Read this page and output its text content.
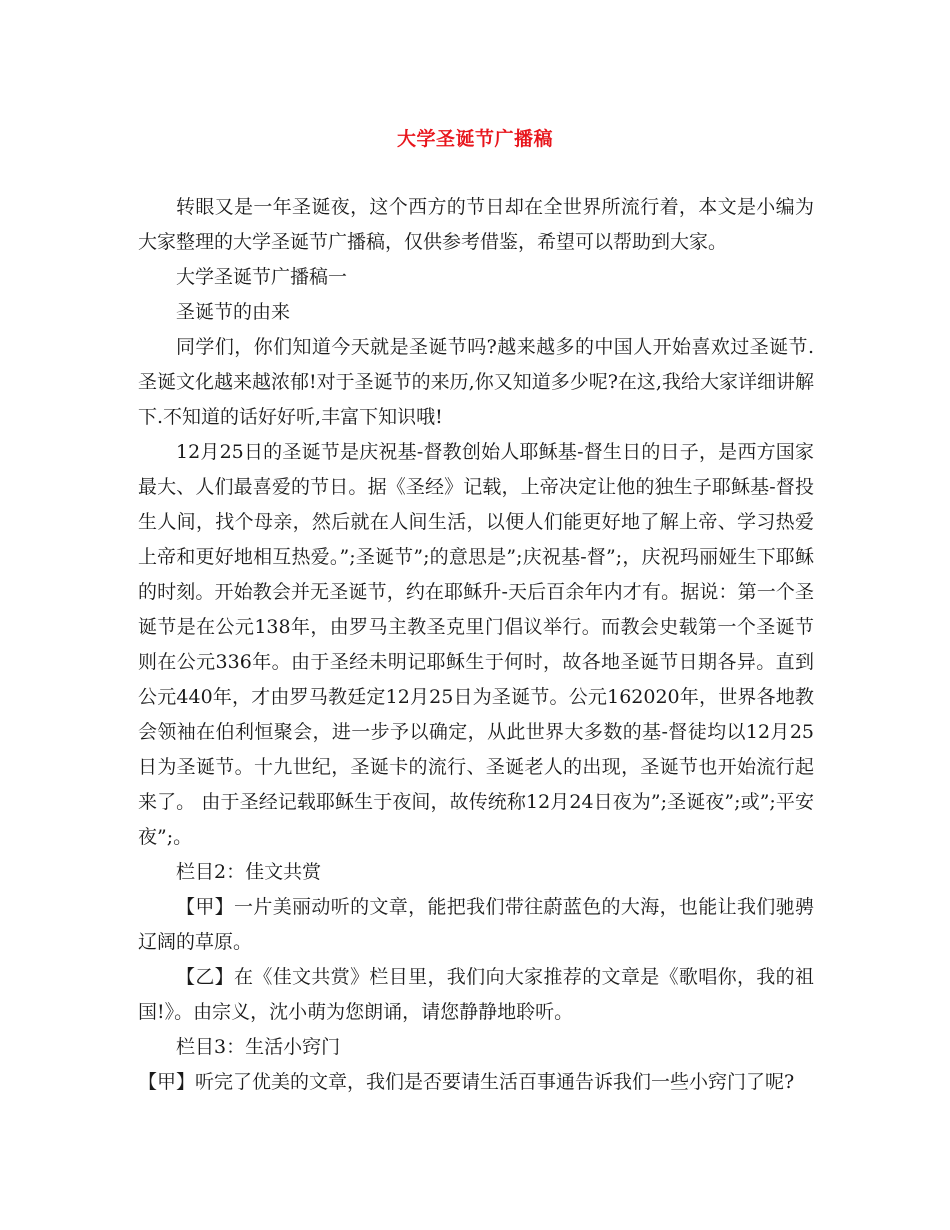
大学圣诞节广播稿

转眼又是一年圣诞夜，这个西方的节日却在全世界所流行着，本文是小编为大家整理的大学圣诞节广播稿，仅供参考借鉴，希望可以帮助到大家。

大学圣诞节广播稿一

圣诞节的由来

同学们，你们知道今天就是圣诞节吗?越来越多的中国人开始喜欢过圣诞节.圣诞文化越来越浓郁!对于圣诞节的来历,你又知道多少呢?在这,我给大家详细讲解下.不知道的话好好听,丰富下知识哦!

12月25日的圣诞节是庆祝基-督教创始人耶稣基-督生日的日子，是西方国家最大、人们最喜爱的节日。据《圣经》记载，上帝决定让他的独生子耶稣基-督投生人间，找个母亲，然后就在人间生活，以便人们能更好地了解上帝、学习热爱上帝和更好地相互热爱。”;圣诞节”;的意思是”;庆祝基-督”;，庆祝玛丽娅生下耶稣的时刻。开始教会并无圣诞节，约在耶稣升-天后百余年内才有。据说：第一个圣诞节是在公元138年，由罗马主教圣克里门倡议举行。而教会史载第一个圣诞节则在公元336年。由于圣经未明记耶稣生于何时，故各地圣诞节日期各异。直到公元440年，才由罗马教廷定12月25日为圣诞节。公元162020年，世界各地教会领袖在伯利恒聚会，进一步予以确定，从此世界大多数的基-督徒均以12月25日为圣诞节。十九世纪，圣诞卡的流行、圣诞老人的出现，圣诞节也开始流行起来了。 由于圣经记载耶稣生于夜间，故传统称12月24日夜为”;圣诞夜”;或”;平安夜”;。

栏目2：佳文共赏

【甲】一片美丽动听的文章，能把我们带往蔚蓝色的大海，也能让我们驰骋辽阔的草原。

【乙】在《佳文共赏》栏目里，我们向大家推荐的文章是《歌唱你，我的祖国!》。由宗义，沈小萌为您朗诵，请您静静地聆听。

栏目3：生活小窍门

【甲】听完了优美的文章，我们是否要请生活百事通告诉我们一些小窍门了呢?
